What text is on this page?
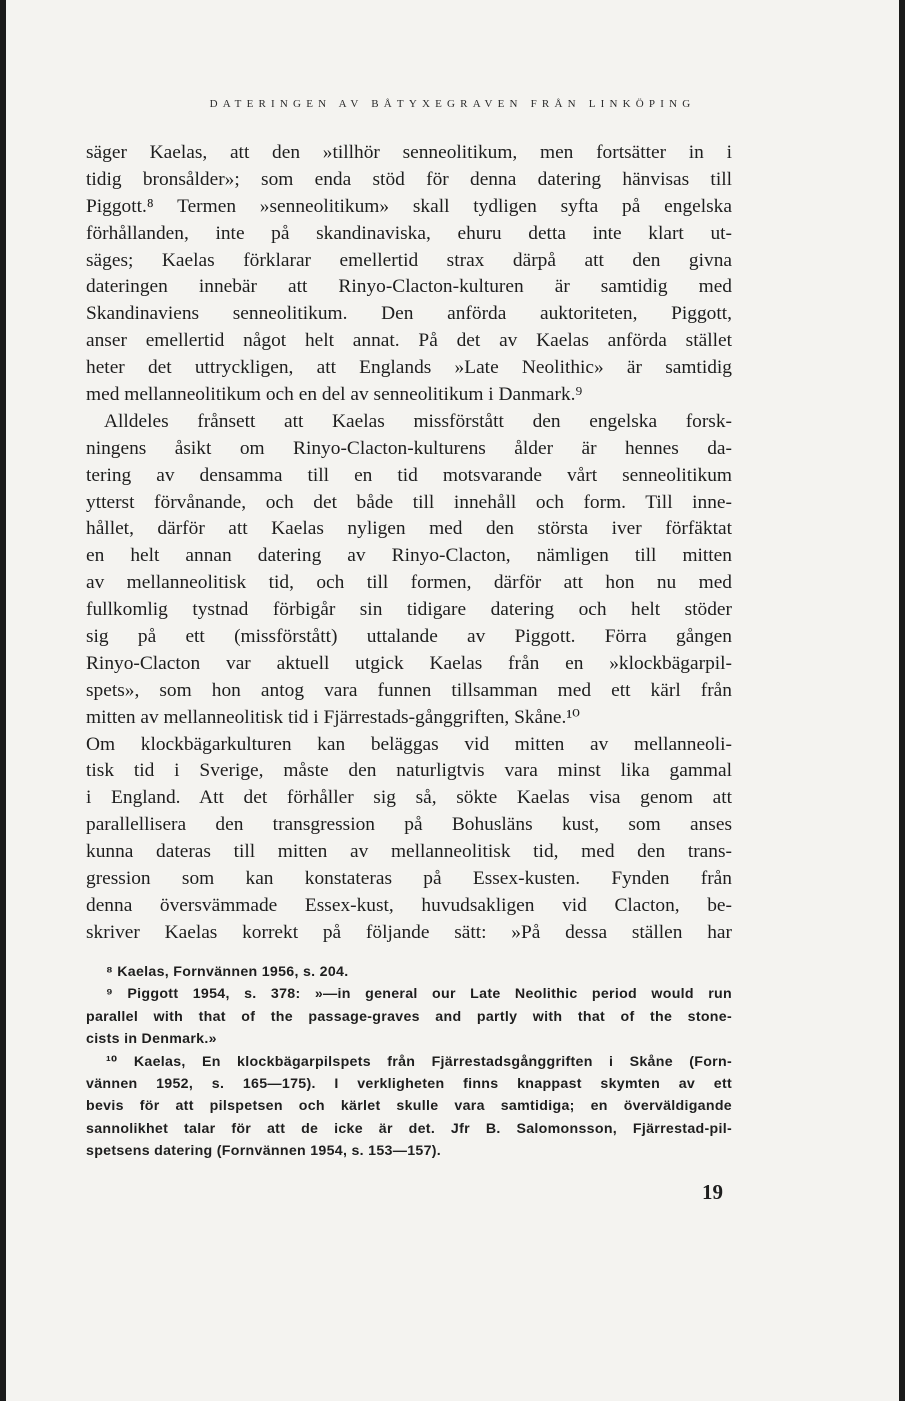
DATERINGEN AV BÅTYXEGRAVEN FRÅN LINKÖPING
säger Kaelas, att den »tillhör senneolitikum, men fortsätter in i
tidig bronsålder»; som enda stöd för denna datering hänvisas till
Piggott.⁸ Termen »senneolitikum» skall tydligen syfta på engelska
förhållanden, inte på skandinaviska, ehuru detta inte klart ut-
säges; Kaelas förklarar emellertid strax därpå att den givna
dateringen innebär att Rinyo-Clacton-kulturen är samtidig med
Skandinaviens senneolitikum. Den anförda auktoriteten, Piggott,
anser emellertid något helt annat. På det av Kaelas anförda stället
heter det uttryckligen, att Englands »Late Neolithic» är samtidig
med mellanneolitikum och en del av senneolitikum i Danmark.⁹
Alldeles frånsett att Kaelas missförstått den engelska forsk-
ningens åsikt om Rinyo-Clacton-kulturens ålder är hennes da-
tering av densamma till en tid motsvarande vårt senneolitikum
ytterst förvånande, och det både till innehåll och form. Till inne-
hållet, därför att Kaelas nyligen med den största iver förfäktat
en helt annan datering av Rinyo-Clacton, nämligen till mitten
av mellanneolitisk tid, och till formen, därför att hon nu med
fullkomlig tystnad förbigår sin tidigare datering och helt stöder
sig på ett (missförstått) uttalande av Piggott. Förra gången
Rinyo-Clacton var aktuell utgick Kaelas från en »klockbägarpil-
spets», som hon antog vara funnen tillsamman med ett kärl från
mitten av mellanneolitisk tid i Fjärrestads-gånggriften, Skåne.¹⁰
Om klockbägarkulturen kan beläggas vid mitten av mellanneoli-
tisk tid i Sverige, måste den naturligtvis vara minst lika gammal
i England. Att det förhåller sig så, sökte Kaelas visa genom att
parallellisera den transgression på Bohusläns kust, som anses
kunna dateras till mitten av mellanneolitisk tid, med den trans-
gression som kan konstateras på Essex-kusten. Fynden från
denna översvämmade Essex-kust, huvudsakligen vid Clacton, be-
skriver Kaelas korrekt på följande sätt: »På dessa ställen har
⁸ Kaelas, Fornvännen 1956, s. 204.
⁹ Piggott 1954, s. 378: »—in general our Late Neolithic period would run
parallel with that of the passage-graves and partly with that of the stone-
cists in Denmark.»
¹⁰ Kaelas, En klockbägarpilspets från Fjärrestadsgånggriften i Skåne (Forn-
vännen 1952, s. 165—175). I verkligheten finns knappast skymten av ett
bevis för att pilspetsen och kärlet skulle vara samtidiga; en överväldigande
sannolikhet talar för att de icke är det. Jfr B. Salomonsson, Fjärrestad-pil-
spetsens datering (Fornvännen 1954, s. 153—157).
19
